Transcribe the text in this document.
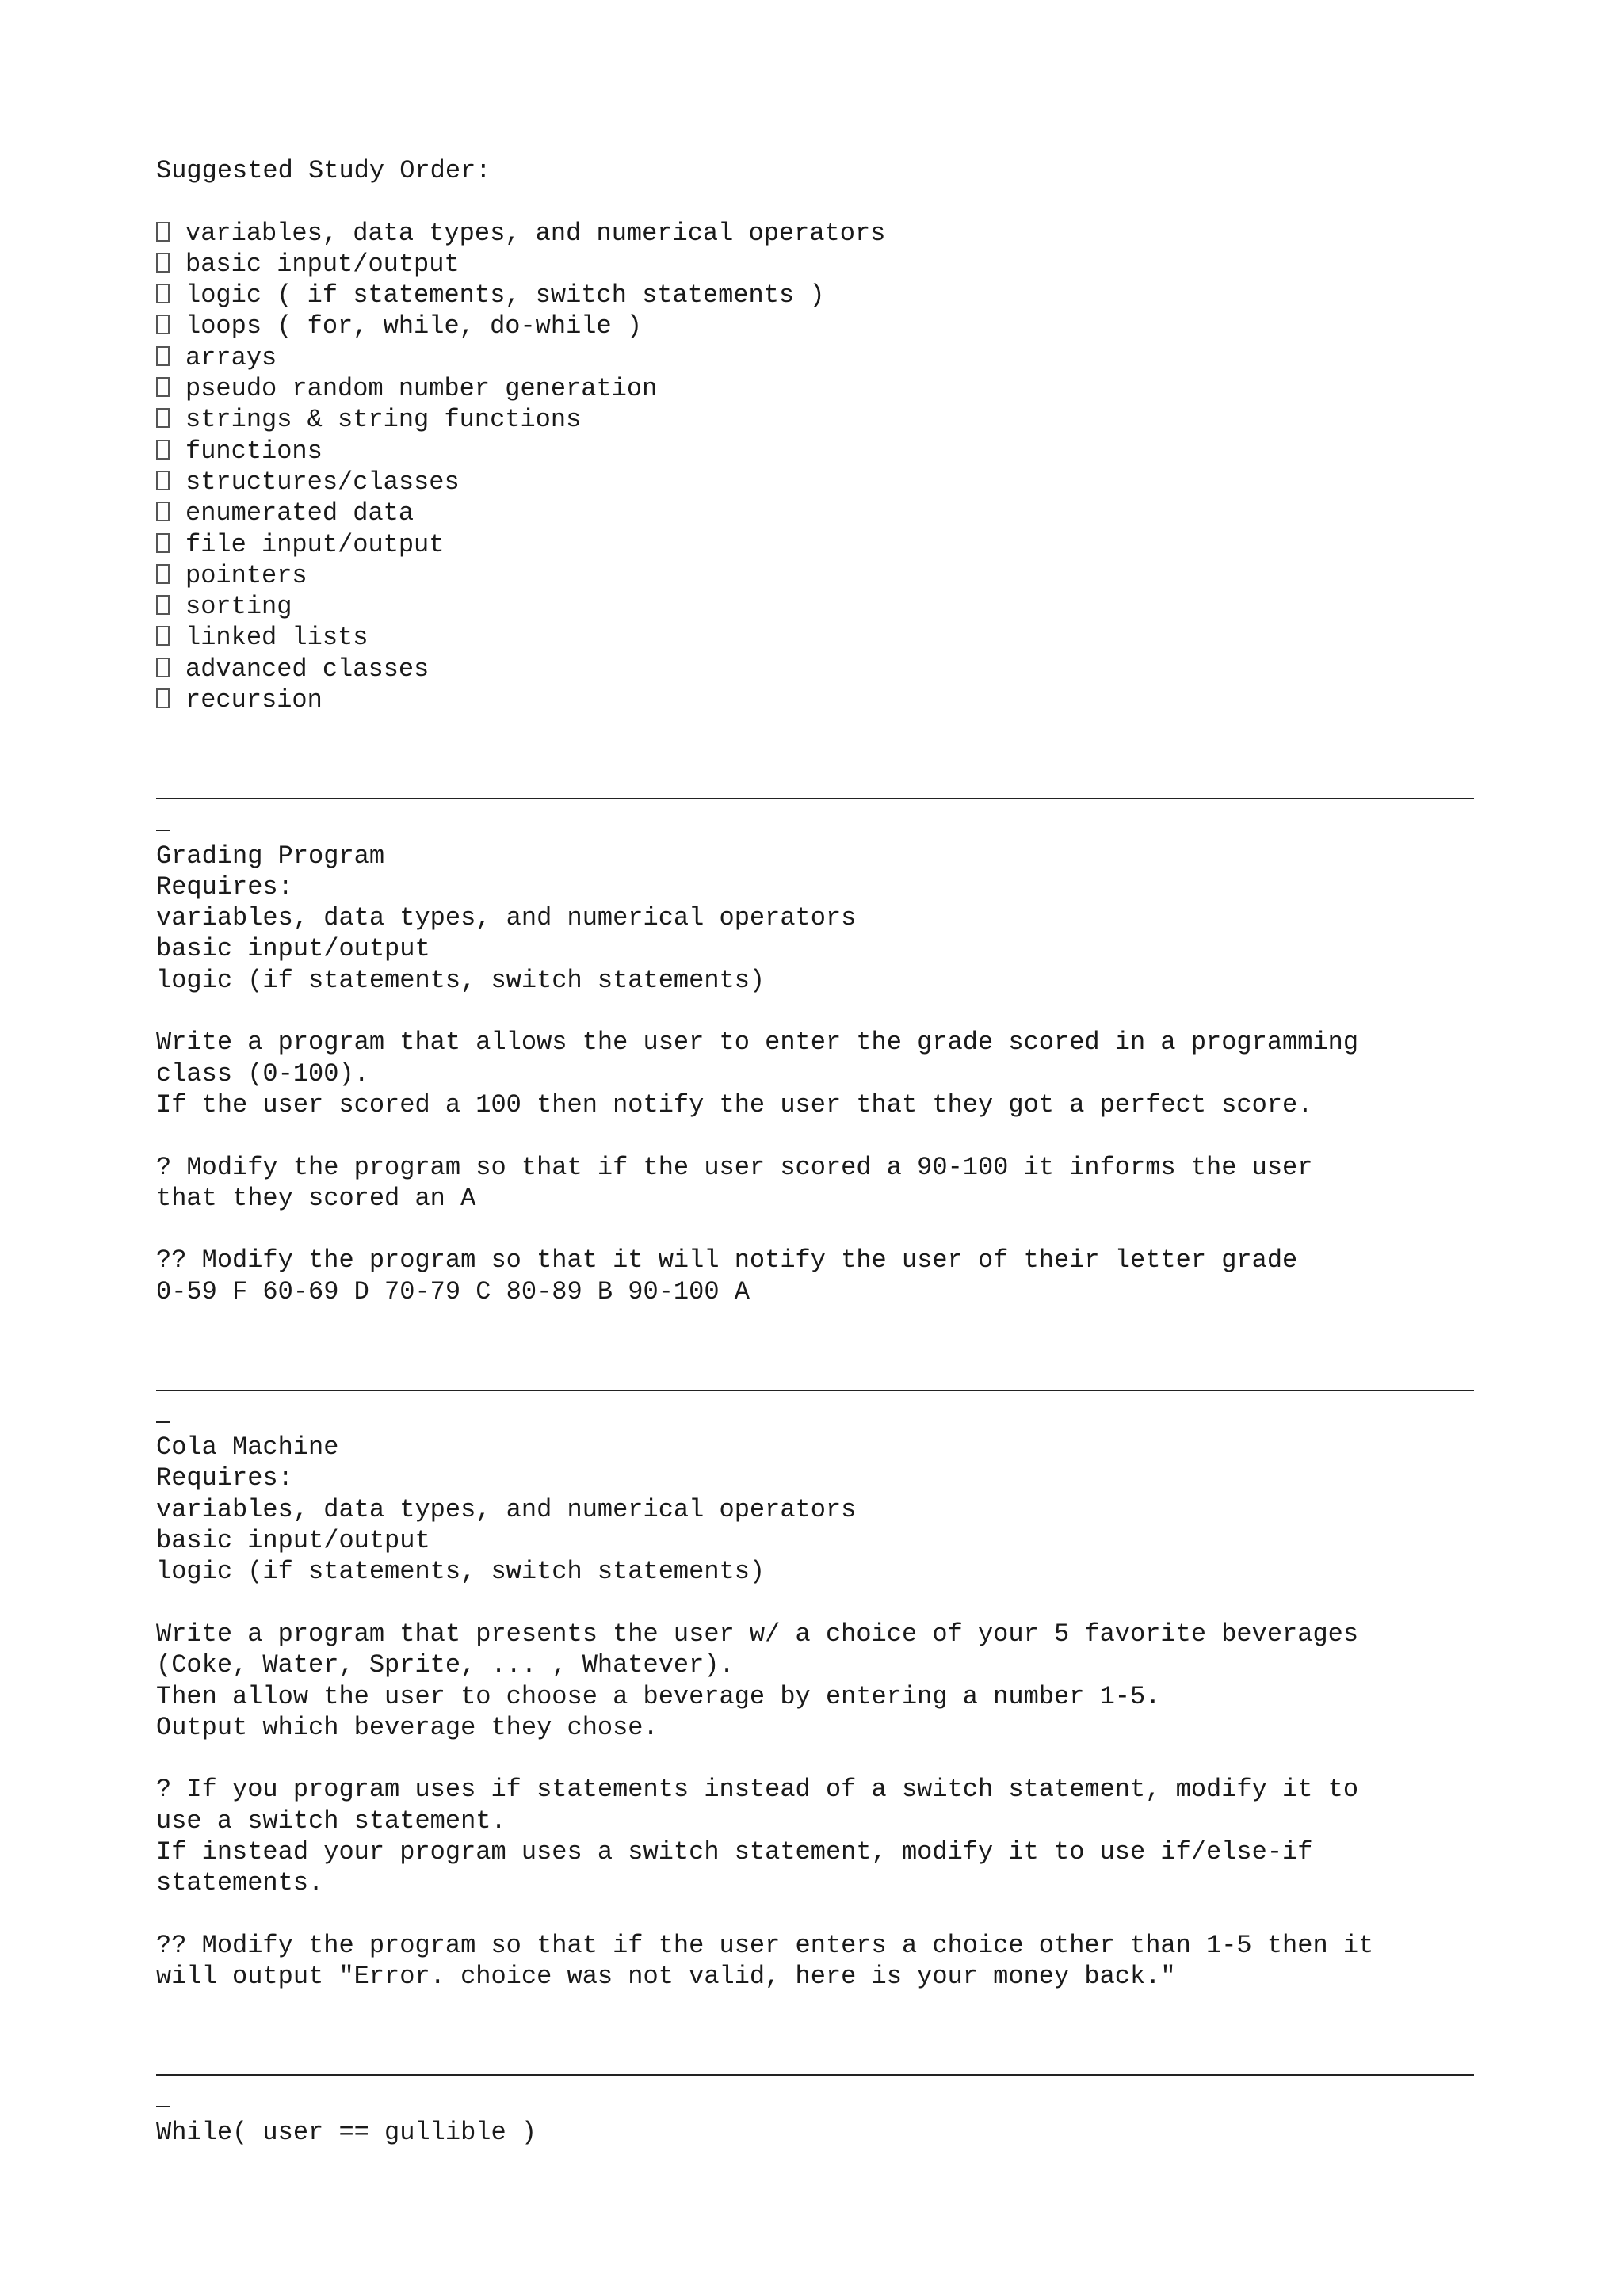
Suggested Study Order:
variables, data types, and numerical operators
basic input/output
logic ( if statements, switch statements )
loops ( for, while, do-while )
arrays
pseudo random number generation
strings & string functions
functions
structures/classes
enumerated data
file input/output
pointers
sorting
linked lists
advanced classes
recursion
Grading Program
Requires:
variables, data types, and numerical operators
basic input/output
logic (if statements, switch statements)
Write a program that allows the user to enter the grade scored in a programming
class (0-100).
If the user scored a 100 then notify the user that they got a perfect score.
? Modify the program so that if the user scored a 90-100 it informs the user
that they scored an A
?? Modify the program so that it will notify the user of their letter grade
0-59 F 60-69 D 70-79 C 80-89 B 90-100 A
Cola Machine
Requires:
variables, data types, and numerical operators
basic input/output
logic (if statements, switch statements)
Write a program that presents the user w/ a choice of your 5 favorite beverages
(Coke, Water, Sprite, ... , Whatever).
Then allow the user to choose a beverage by entering a number 1-5.
Output which beverage they chose.
? If you program uses if statements instead of a switch statement, modify it to
use a switch statement.
If instead your program uses a switch statement, modify it to use if/else-if
statements.
?? Modify the program so that if the user enters a choice other than 1-5 then it
will output "Error. choice was not valid, here is your money back."
While( user == gullible )
